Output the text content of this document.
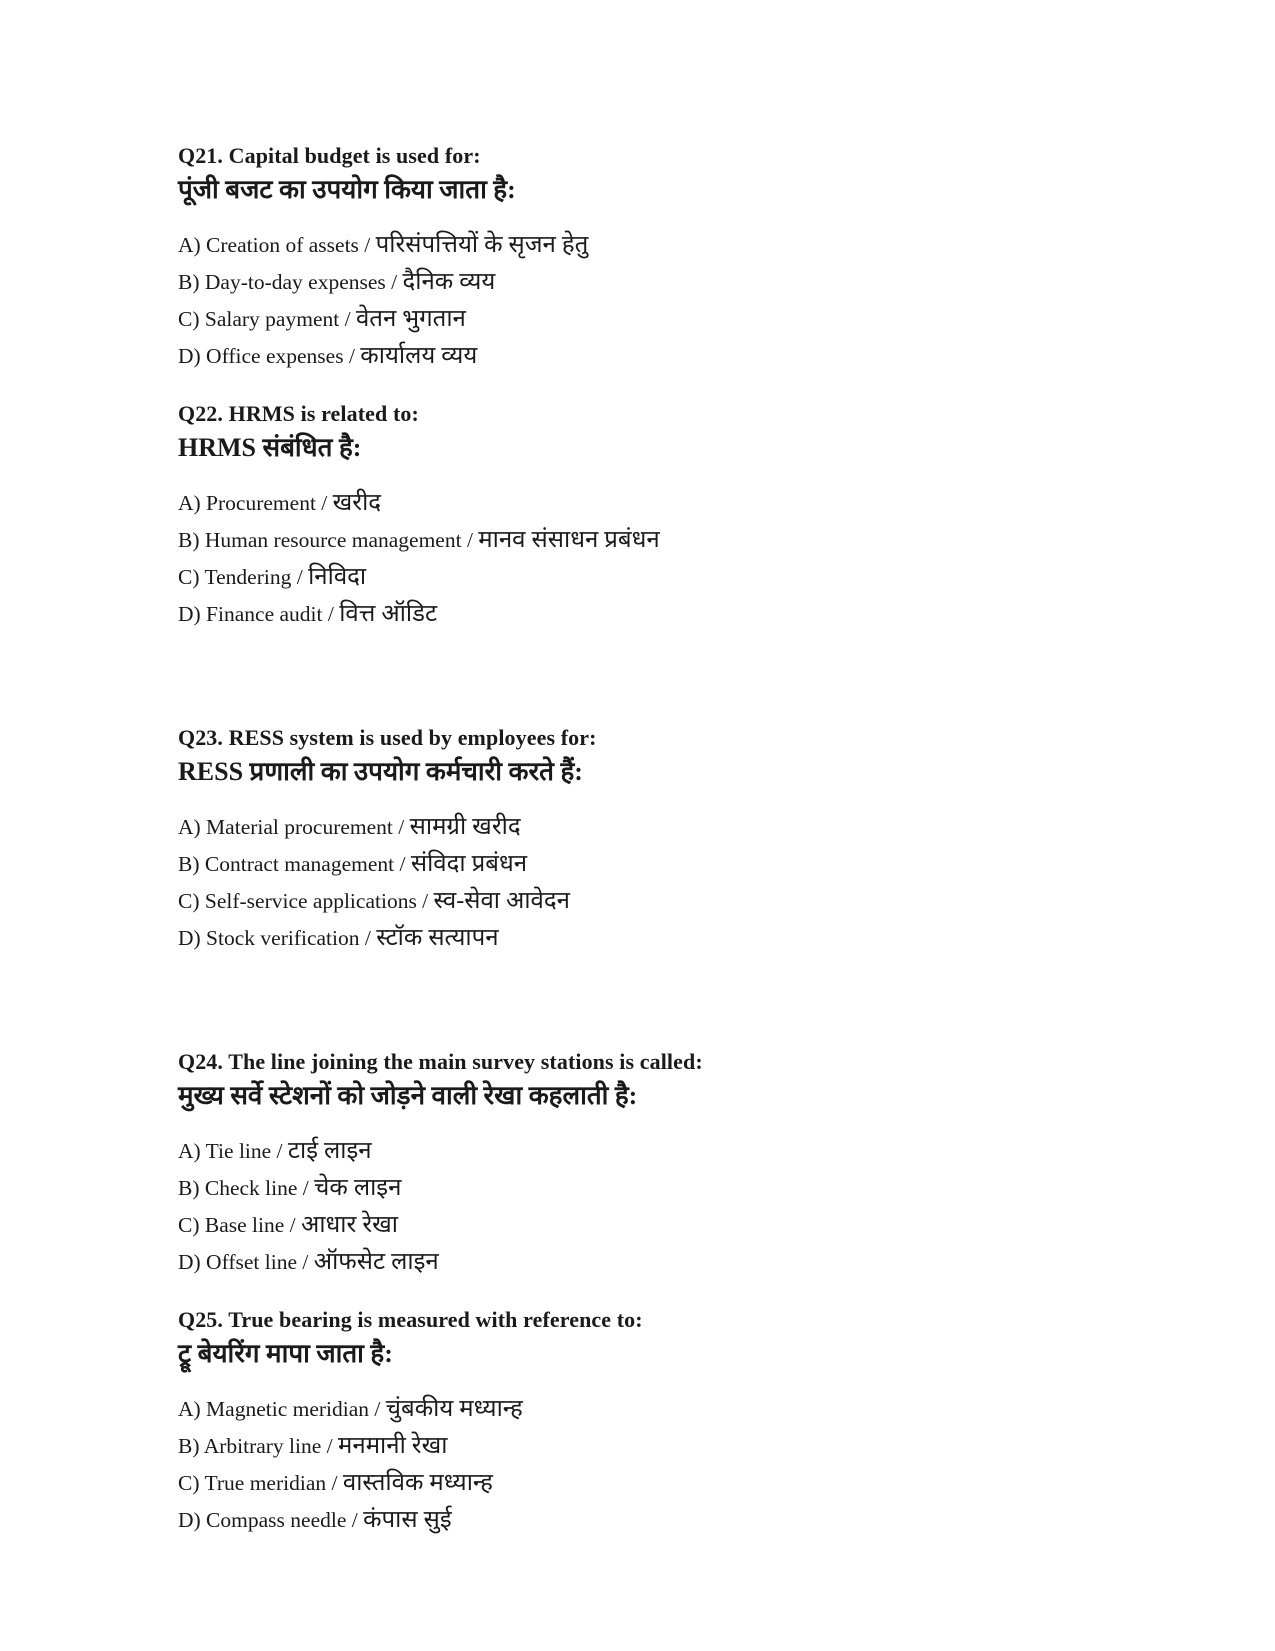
Q21. Capital budget is used for:
पूंजी बजट का उपयोग किया जाता है:
A) Creation of assets / परिसंपत्तियों के सृजन हेतु
B) Day-to-day expenses / दैनिक व्यय
C) Salary payment / वेतन भुगतान
D) Office expenses / कार्यालय व्यय
Q22. HRMS is related to:
HRMS संबंधित है:
A) Procurement / खरीद
B) Human resource management / मानव संसाधन प्रबंधन
C) Tendering / निविदा
D) Finance audit / वित्त ऑडिट
Q23. RESS system is used by employees for:
RESS प्रणाली का उपयोग कर्मचारी करते हैं:
A) Material procurement / सामग्री खरीद
B) Contract management / संविदा प्रबंधन
C) Self-service applications / स्व-सेवा आवेदन
D) Stock verification / स्टॉक सत्यापन
Q24. The line joining the main survey stations is called:
मुख्य सर्वे स्टेशनों को जोड़ने वाली रेखा कहलाती है:
A) Tie line / टाई लाइन
B) Check line / चेक लाइन
C) Base line / आधार रेखा
D) Offset line / ऑफसेट लाइन
Q25. True bearing is measured with reference to:
ट्रू बेयरिंग मापा जाता है:
A) Magnetic meridian / चुंबकीय मध्यान्ह
B) Arbitrary line / मनमानी रेखा
C) True meridian / वास्तविक मध्यान्ह
D) Compass needle / कंपास सुई
